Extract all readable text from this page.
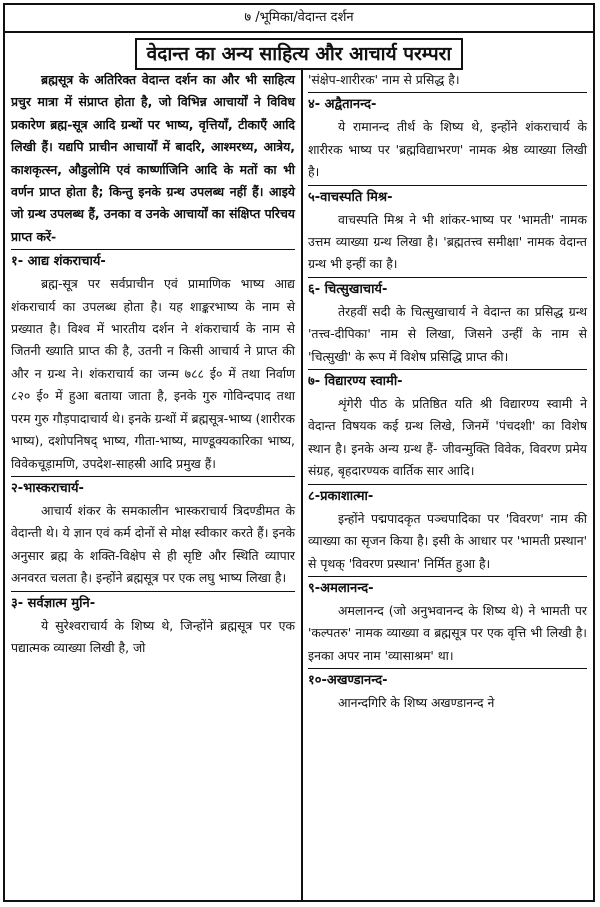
७ /भूमिका/वेदान्त दर्शन
वेदान्त का अन्य साहित्य और आचार्य परम्परा

ब्रह्मसूत्र के अतिरिक्त वेदान्त दर्शन का और भी साहित्य प्रचुर मात्रा में संप्राप्त होता है, जो विभिन्न आचार्यों ने विविध प्रकारेण ब्रह्म-सूत्र आदि ग्रन्थों पर भाष्य, वृत्तियाँ, टीकाएँ आदि लिखी हैं। यद्यपि प्राचीन आचार्यों में बादरि, आश्मरथ्य, आत्रेय, काशकृत्स्न, औडुलोमि एवं कार्ष्णाजिनि आदि के मतों का भी वर्णन प्राप्त होता है; किन्तु इनके ग्रन्थ उपलब्ध नहीं हैं। आइये जो ग्रन्थ उपलब्ध हैं, उनका व उनके आचार्यों का संक्षिप्त परिचय प्राप्त करें-

१- आद्य शंकराचार्य-

ब्रह्म-सूत्र पर सर्वप्राचीन एवं प्रामाणिक भाष्य आद्य शंकराचार्य का उपलब्ध होता है। यह शाङ्करभाष्य के नाम से प्रख्यात है। विश्व में भारतीय दर्शन ने शंकराचार्य के नाम से जितनी ख्याति प्राप्त की है, उतनी न किसी आचार्य ने प्राप्त की और न ग्रन्थ ने। शंकराचार्य का जन्म ७८८ ई० में तथा निर्वाण ८२० ई० में हुआ बताया जाता है, इनके गुरु गोविन्दपाद तथा परम गुरु गौड़पादाचार्य थे। इनके ग्रन्थों में ब्रह्मसूत्र-भाष्य (शारीरक भाष्य), दशोपनिषद् भाष्य, गीता-भाष्य, माण्डूक्यकारिका भाष्य, विवेकचूड़ामणि, उपदेश-साहस्री आदि प्रमुख हैं।

२-भास्कराचार्य-

आचार्य शंकर के समकालीन भास्कराचार्य त्रिदण्डीमत के वेदान्ती थे। ये ज्ञान एवं कर्म दोनों से मोक्ष स्वीकार करते हैं। इनके अनुसार ब्रह्म के शक्ति-विक्षेप से ही सृष्टि और स्थिति व्यापार अनवरत चलता है। इन्होंने ब्रह्मसूत्र पर एक लघु भाष्य लिखा है।

३- सर्वज्ञात्म मुनि-

ये सुरेश्वराचार्य के शिष्य थे, जिन्होंने ब्रह्मसूत्र पर एक पद्यात्मक व्याख्या लिखी है, जो

'संक्षेप-शारीरक' नाम से प्रसिद्ध है।

४- अद्वैतानन्द-

ये रामानन्द तीर्थ के शिष्य थे, इन्होंने शंकराचार्य के शारीरक भाष्य पर 'ब्रह्मविद्याभरण' नामक श्रेष्ठ व्याख्या लिखी है।

५-वाचस्पति मिश्र-

वाचस्पति मिश्र ने भी शांकर-भाष्य पर 'भामती' नामक उत्तम व्याख्या ग्रन्थ लिखा है। 'ब्रह्मतत्त्व समीक्षा' नामक वेदान्त ग्रन्थ भी इन्हीं का है।

६- चित्सुखाचार्य-

तेरहवीं सदी के चित्सुखाचार्य ने वेदान्त का प्रसिद्ध ग्रन्थ 'तत्त्व-दीपिका' नाम से लिखा, जिसने उन्हीं के नाम से 'चित्सुखी' के रूप में विशेष प्रसिद्धि प्राप्त की।

७- विद्यारण्य स्वामी-

शृंगेरी पीठ के प्रतिष्ठित यति श्री विद्यारण्य स्वामी ने वेदान्त विषयक कई ग्रन्थ लिखे, जिनमें 'पंचदशी' का विशेष स्थान है। इनके अन्य ग्रन्थ हैं- जीवन्मुक्ति विवेक, विवरण प्रमेय संग्रह, बृहदारण्यक वार्तिक सार आदि।

८-प्रकाशात्मा-

इन्होंने पद्मपादकृत पञ्चपादिका पर 'विवरण' नाम की व्याख्या का सृजन किया है। इसी के आधार पर 'भामती प्रस्थान' से पृथक् 'विवरण प्रस्थान' निर्मित हुआ है।

९-अमलानन्द-

अमलानन्द (जो अनुभवानन्द के शिष्य थे) ने भामती पर 'कल्पतरु' नामक व्याख्या व ब्रह्मसूत्र पर एक वृत्ति भी लिखी है। इनका अपर नाम 'व्यासाश्रम' था।

१०-अखण्डानन्द-

आनन्दगिरि के शिष्य अखण्डानन्द ने
